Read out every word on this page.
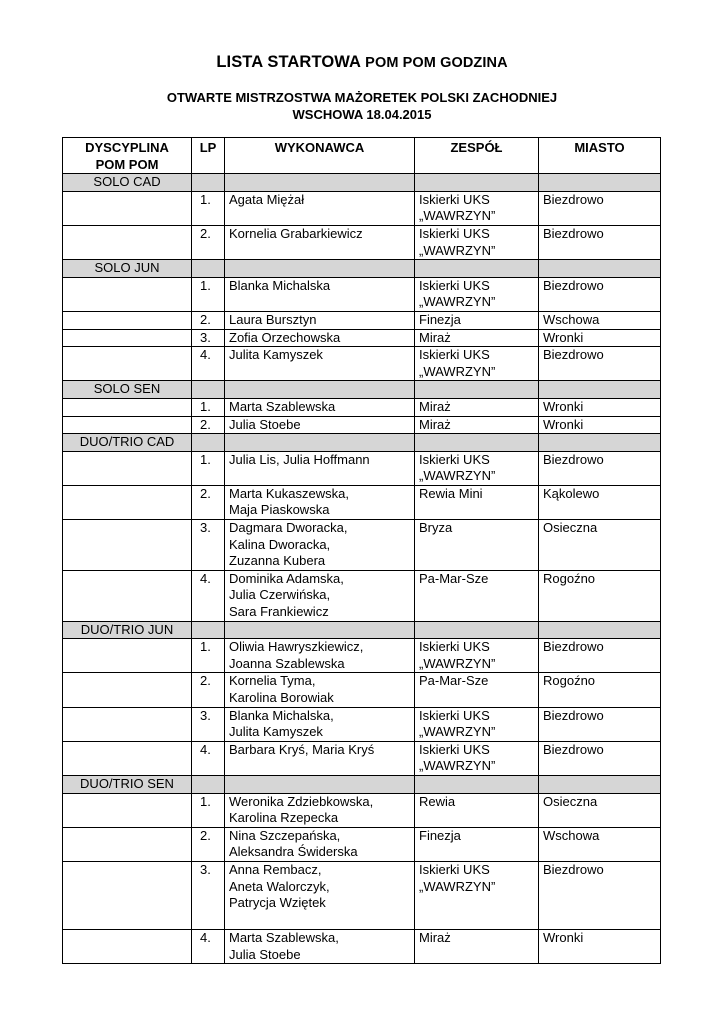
LISTA STARTOWA POM POM GODZINA
OTWARTE MISTRZOSTWA MAŻORETEK POLSKI ZACHODNIEJ
WSCHOWA 18.04.2015
DYSCYPLINA
POM POM	LP	WYKONAWCA	ZESPÓŁ	MIASTO
SOLO CAD				
	1.	Agata Miężał	Iskierki UKS
„WAWRZYN”	Biezdrowo
	2.	Kornelia Grabarkiewicz	Iskierki UKS
„WAWRZYN”	Biezdrowo
SOLO JUN				
	1.	Blanka Michalska	Iskierki UKS
„WAWRZYN”	Biezdrowo
	2.	Laura Bursztyn	Finezja	Wschowa
	3.	Zofia Orzechowska	Miraż	Wronki
	4.	Julita Kamyszek	Iskierki UKS
„WAWRZYN”	Biezdrowo
SOLO SEN				
	1.	Marta Szablewska	Miraż	Wronki
	2.	Julia Stoebe	Miraż	Wronki
DUO/TRIO CAD				
	1.	Julia Lis, Julia Hoffmann	Iskierki UKS
„WAWRZYN”	Biezdrowo
	2.	Marta Kukaszewska,
Maja Piaskowska	Rewia Mini	Kąkolewo
	3.	Dagmara Dworacka,
Kalina Dworacka,
Zuzanna Kubera	Bryza	Osieczna
	4.	Dominika Adamska,
Julia Czerwińska,
Sara Frankiewicz	Pa-Mar-Sze	Rogoźno
DUO/TRIO JUN				
	1.	Oliwia Hawryszkiewicz,
Joanna Szablewska	Iskierki UKS
„WAWRZYN”	Biezdrowo
	2.	Kornelia Tyma,
Karolina Borowiak	Pa-Mar-Sze	Rogoźno
	3.	Blanka Michalska,
Julita Kamyszek	Iskierki UKS
„WAWRZYN”	Biezdrowo
	4.	Barbara Kryś, Maria Kryś	Iskierki UKS
„WAWRZYN”	Biezdrowo
DUO/TRIO SEN				
	1.	Weronika Zdziebkowska,
Karolina Rzepecka	Rewia	Osieczna
	2.	Nina Szczepańska,
Aleksandra Świderska	Finezja	Wschowa
	3.	Anna Rembacz,
Aneta Walorczyk,
Patrycja Wziętek	Iskierki UKS
„WAWRZYN”	Biezdrowo
	4.	Marta Szablewska,
Julia Stoebe	Miraż	Wronki
